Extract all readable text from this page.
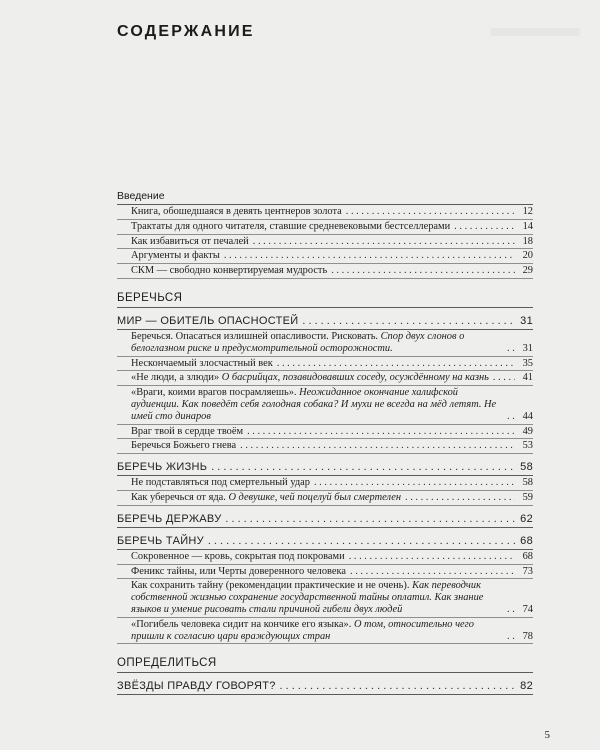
СОДЕРЖАНИЕ
Введение
Книга, обошедшаяся в девять центнеров золота . . .	12
Трактаты для одного читателя, ставшие средневековыми бестселлерами . . .	14
Как избавиться от печалей . . .	18
Аргументы и факты . . .	20
СКМ — свободно конвертируемая мудрость . . .	29
БЕРЕЧЬСЯ
МИР — ОБИТЕЛЬ ОПАСНОСТЕЙ . . .	31
Беречься. Опасаться излишней опасливости. Рисковать. Спор двух слонов о белоглазном риске и предусмотрительной осторожности. . . .	31
Нескончаемый злосчастный век . . .	35
«Не люди, а злюди» О басрийцах, позавидовавших соседу, осуждённому на казнь . . .	41
«Враги, коими врагов посрамляешь». Неожиданное окончание халифской аудиенции. Как поведёт себя голодная собака? И мухи не всегда на мёд летят. Не имей сто динаров . . .	44
Враг твой в сердце твоём . . .	49
Беречься Божьего гнева . . .	53
БЕРЕЧЬ ЖИЗНЬ . . .	58
Не подставляться под смертельный удар . . .	58
Как уберечься от яда. О девушке, чей поцелуй был смертелен . . .	59
БЕРЕЧЬ ДЕРЖАВУ . . .	62
БЕРЕЧЬ ТАЙНУ . . .	68
Сокровенное — кровь, сокрытая под покровами . . .	68
Феникс тайны, или Черты доверенного человека . . .	73
Как сохранить тайну (рекомендации практические и не очень). Как переводчик собственной жизнью сохранение государственной тайны оплатил. Как знание языков и умение рисовать стали причиной гибели двух людей . . .	74
«Погибель человека сидит на кончике его языка». О том, относительно чего пришли к согласию цари враждующих стран . . .	78
ОПРЕДЕЛИТЬСЯ
ЗВЁЗДЫ ПРАВДУ ГОВОРЯТ? . . .	82
5
